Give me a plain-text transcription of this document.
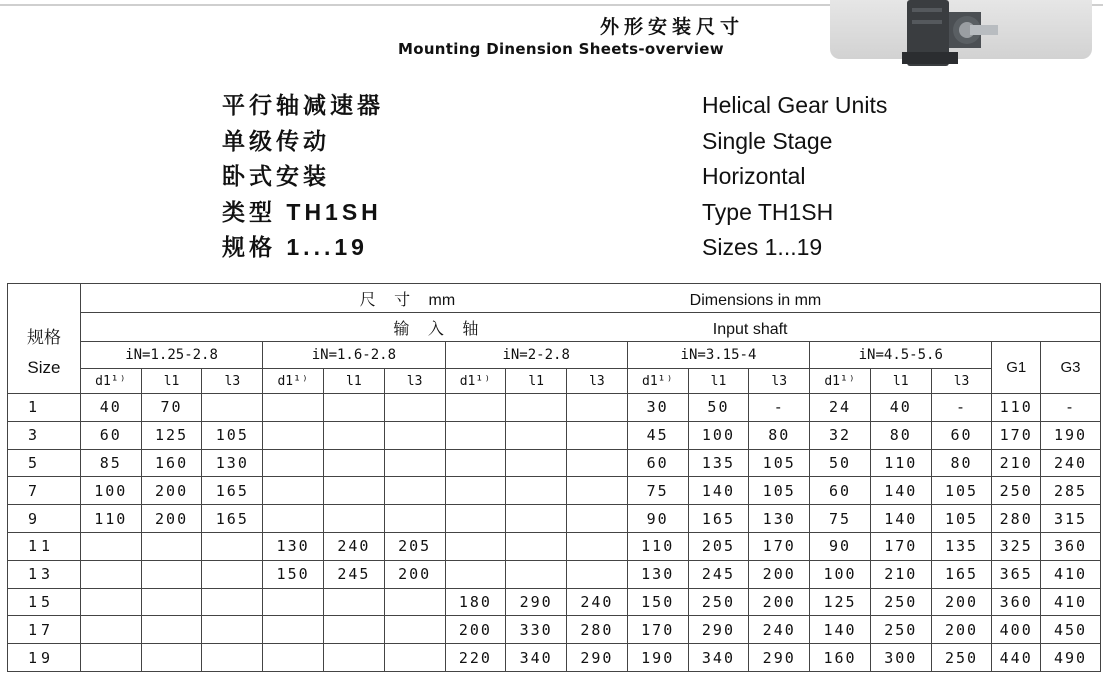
外形安装尺寸
Mounting Dinension Sheets-overview
平行轴减速器
单级传动
卧式安装
类型 TH1SH
规格 1...19
Helical Gear Units
Single Stage
Horizontal
Type TH1SH
Sizes 1...19
	尺 寸 mm Dimensions in mm																

规格
Size	输 入 轴 Input shaft																
	iN=1.25-2.8			iN=1.6-2.8			iN=2-2.8			iN=3.15-4			iN=4.5-5.6			G1	G3
	d1¹⁾	l1	l3	d1¹⁾	l1	l3	d1¹⁾	l1	l3	d1¹⁾	l1	l3	d1¹⁾	l1	l3		
1	40	70								30	50	-	24	40	-	110	-
3	60	125	105							45	100	80	32	80	60	170	190
5	85	160	130							60	135	105	50	110	80	210	240
7	100	200	165							75	140	105	60	140	105	250	285
9	110	200	165							90	165	130	75	140	105	280	315
11				130	240	205				110	205	170	90	170	135	325	360
13				150	245	200				130	245	200	100	210	165	365	410
15							180	290	240	150	250	200	125	250	200	360	410
17							200	330	280	170	290	240	140	250	200	400	450
19							220	340	290	190	340	290	160	300	250	440	490
